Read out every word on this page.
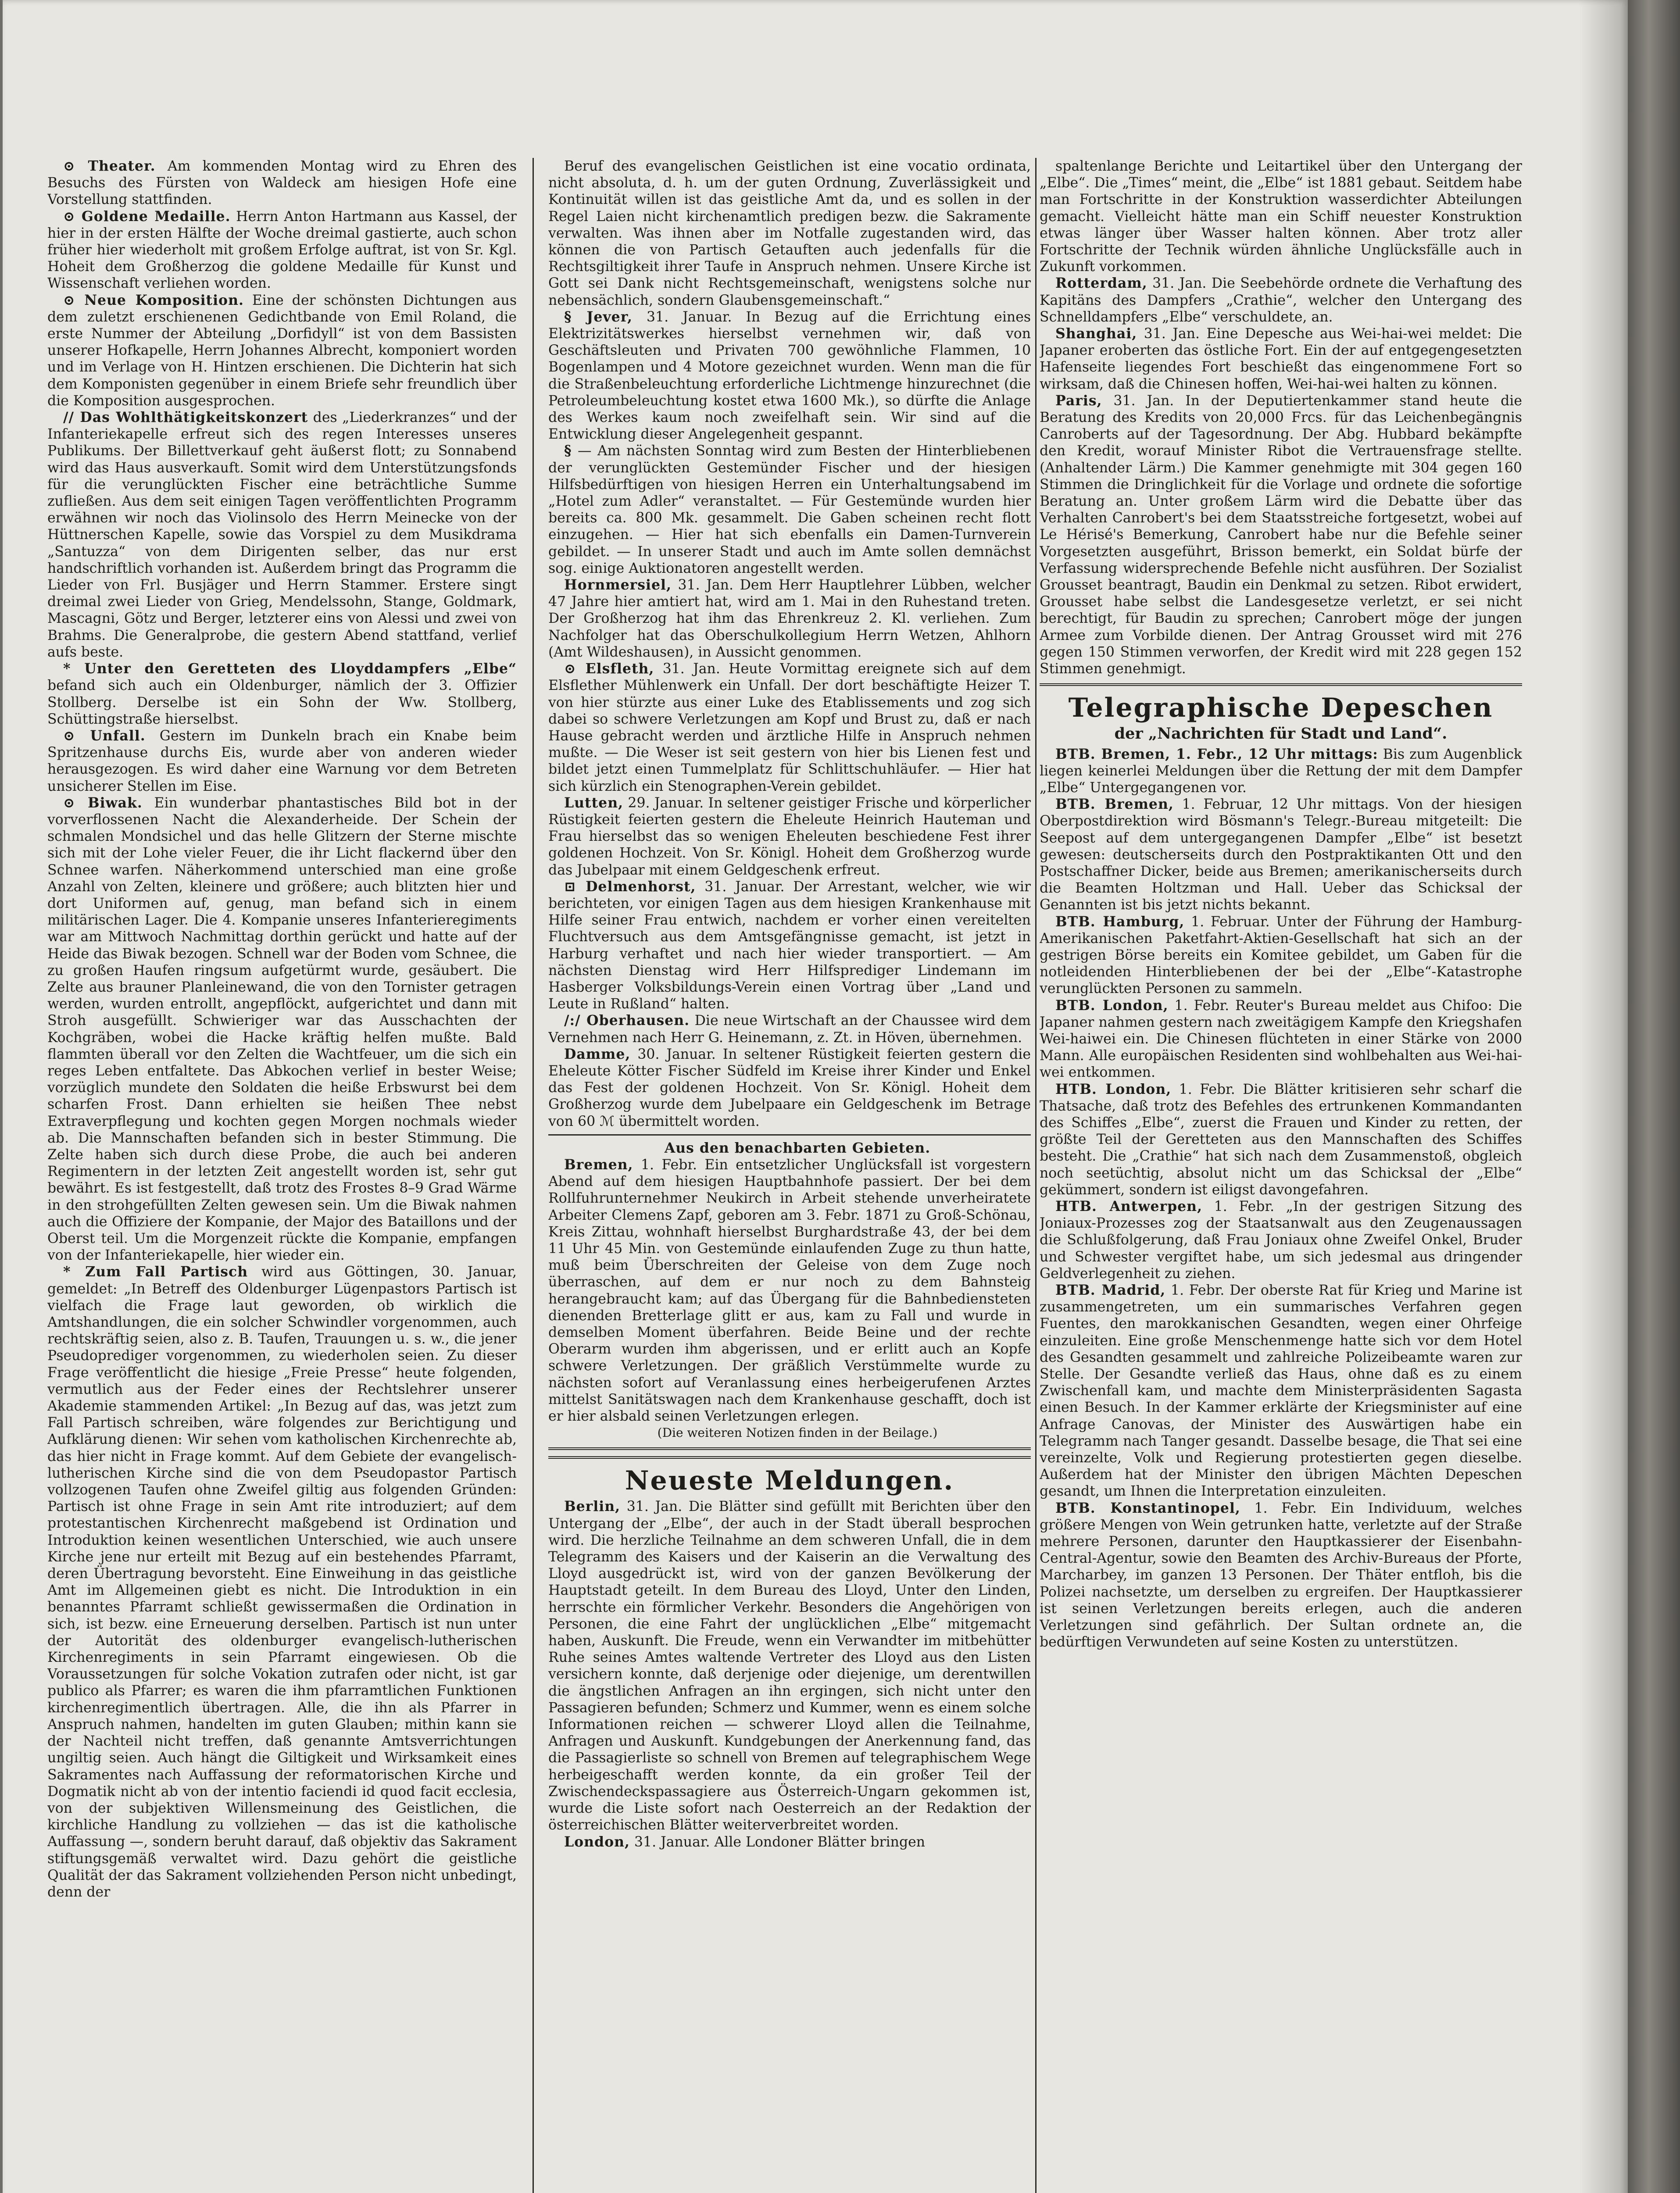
⊙ Theater. Am kommenden Montag wird zu Ehren des Besuchs des Fürsten von Waldeck am hiesigen Hofe eine Vorstellung stattfinden.

⊙ Goldene Medaille. Herrn Anton Hartmann aus Kassel, der hier in der ersten Hälfte der Woche dreimal gastierte, auch schon früher hier wiederholt mit großem Erfolge auftrat, ist von Sr. Kgl. Hoheit dem Großherzog die goldene Medaille für Kunst und Wissenschaft verliehen worden.

⊙ Neue Komposition. Eine der schönsten Dichtungen aus dem zuletzt erschienenen Gedichtbande von Emil Roland, die erste Nummer der Abteilung „Dorfidyll“ ist von dem Bassisten unserer Hofkapelle, Herrn Johannes Albrecht, komponiert worden und im Verlage von H. Hintzen erschienen. Die Dichterin hat sich dem Komponisten gegenüber in einem Briefe sehr freundlich über die Komposition ausgesprochen.

// Das Wohlthätigkeitskonzert des „Liederkranzes“ und der Infanteriekapelle erfreut sich des regen Interesses unseres Publikums. Der Billettverkauf geht äußerst flott; zu Sonnabend wird das Haus ausverkauft. Somit wird dem Unterstützungsfonds für die verunglückten Fischer eine beträchtliche Summe zufließen. Aus dem seit einigen Tagen veröffentlichten Programm erwähnen wir noch das Violinsolo des Herrn Meinecke von der Hüttnerschen Kapelle, sowie das Vorspiel zu dem Musikdrama „Santuzza“ von dem Dirigenten selber, das nur erst handschriftlich vorhanden ist. Außerdem bringt das Programm die Lieder von Frl. Busjäger und Herrn Stammer. Erstere singt dreimal zwei Lieder von Grieg, Mendelssohn, Stange, Goldmark, Mascagni, Götz und Berger, letzterer eins von Alessi und zwei von Brahms. Die Generalprobe, die gestern Abend stattfand, verlief aufs beste.

* Unter den Geretteten des Lloyddampfers „Elbe“ befand sich auch ein Oldenburger, nämlich der 3. Offizier Stollberg. Derselbe ist ein Sohn der Ww. Stollberg, Schüttingstraße hierselbst.

⊙ Unfall. Gestern im Dunkeln brach ein Knabe beim Spritzenhause durchs Eis, wurde aber von anderen wieder herausgezogen. Es wird daher eine Warnung vor dem Betreten unsicherer Stellen im Eise.

⊙ Biwak. Ein wunderbar phantastisches Bild bot in der vorverflossenen Nacht die Alexanderheide. Der Schein der schmalen Mondsichel und das helle Glitzern der Sterne mischte sich mit der Lohe vieler Feuer, die ihr Licht flackernd über den Schnee warfen. Näherkommend unterschied man eine große Anzahl von Zelten, kleinere und größere; auch blitzten hier und dort Uniformen auf, genug, man befand sich in einem militärischen Lager. Die 4. Kompanie unseres Infanterieregiments war am Mittwoch Nachmittag dorthin gerückt und hatte auf der Heide das Biwak bezogen. Schnell war der Boden vom Schnee, die zu großen Haufen ringsum aufgetürmt wurde, gesäubert. Die Zelte aus brauner Planleinewand, die von den Tornister getragen werden, wurden entrollt, angepflöckt, aufgerichtet und dann mit Stroh ausgefüllt. Schwieriger war das Ausschachten der Kochgräben, wobei die Hacke kräftig helfen mußte. Bald flammten überall vor den Zelten die Wachtfeuer, um die sich ein reges Leben entfaltete. Das Abkochen verlief in bester Weise; vorzüglich mundete den Soldaten die heiße Erbswurst bei dem scharfen Frost. Dann erhielten sie heißen Thee nebst Extraverpflegung und kochten gegen Morgen nochmals wieder ab. Die Mannschaften befanden sich in bester Stimmung. Die Zelte haben sich durch diese Probe, die auch bei anderen Regimentern in der letzten Zeit angestellt worden ist, sehr gut bewährt. Es ist festgestellt, daß trotz des Frostes 8–9 Grad Wärme in den strohgefüllten Zelten gewesen sein. Um die Biwak nahmen auch die Offiziere der Kompanie, der Major des Bataillons und der Oberst teil. Um die Morgenzeit rückte die Kompanie, empfangen von der Infanteriekapelle, hier wieder ein.

* Zum Fall Partisch wird aus Göttingen, 30. Januar, gemeldet: „In Betreff des Oldenburger Lügenpastors Partisch ist vielfach die Frage laut geworden, ob wirklich die Amtshandlungen, die ein solcher Schwindler vorgenommen, auch rechtskräftig seien, also z. B. Taufen, Trauungen u. s. w., die jener Pseudoprediger vorgenommen, zu wiederholen seien. Zu dieser Frage veröffentlicht die hiesige „Freie Presse“ heute folgenden, vermutlich aus der Feder eines der Rechtslehrer unserer Akademie stammenden Artikel: „In Bezug auf das, was jetzt zum Fall Partisch schreiben, wäre folgendes zur Berichtigung und Aufklärung dienen: Wir sehen vom katholischen Kirchenrechte ab, das hier nicht in Frage kommt. Auf dem Gebiete der evangelisch-lutherischen Kirche sind die von dem Pseudopastor Partisch vollzogenen Taufen ohne Zweifel giltig aus folgenden Gründen: Partisch ist ohne Frage in sein Amt rite introduziert; auf dem protestantischen Kirchenrecht maßgebend ist Ordination und Introduktion keinen wesentlichen Unterschied, wie auch unsere Kirche jene nur erteilt mit Bezug auf ein bestehendes Pfarramt, deren Übertragung bevorsteht. Eine Einweihung in das geistliche Amt im Allgemeinen giebt es nicht. Die Introduktion in ein benanntes Pfarramt schließt gewissermaßen die Ordination in sich, ist bezw. eine Erneuerung derselben. Partisch ist nun unter der Autorität des oldenburger evangelisch-lutherischen Kirchenregiments in sein Pfarramt eingewiesen. Ob die Voraussetzungen für solche Vokation zutrafen oder nicht, ist gar publico als Pfarrer; es waren die ihm pfarramtlichen Funktionen kirchenregimentlich übertragen. Alle, die ihn als Pfarrer in Anspruch nahmen, handelten im guten Glauben; mithin kann sie der Nachteil nicht treffen, daß genannte Amtsverrichtungen ungiltig seien. Auch hängt die Giltigkeit und Wirksamkeit eines Sakramentes nach Auffassung der reformatorischen Kirche und Dogmatik nicht ab von der intentio faciendi id quod facit ecclesia, von der subjektiven Willensmeinung des Geistlichen, die kirchliche Handlung zu vollziehen — das ist die katholische Auffassung —, sondern beruht darauf, daß objektiv das Sakrament stiftungsgemäß verwaltet wird. Dazu gehört die geistliche Qualität der das Sakrament vollziehenden Person nicht unbedingt, denn der

Beruf des evangelischen Geistlichen ist eine vocatio ordinata, nicht absoluta, d. h. um der guten Ordnung, Zuverlässigkeit und Kontinuität willen ist das geistliche Amt da, und es sollen in der Regel Laien nicht kirchenamtlich predigen bezw. die Sakramente verwalten. Was ihnen aber im Notfalle zugestanden wird, das können die von Partisch Getauften auch jedenfalls für die Rechtsgiltigkeit ihrer Taufe in Anspruch nehmen. Unsere Kirche ist Gott sei Dank nicht Rechtsgemeinschaft, wenigstens solche nur nebensächlich, sondern Glaubensgemeinschaft.“

§ Jever, 31. Januar. In Bezug auf die Errichtung eines Elektrizitätswerkes hierselbst vernehmen wir, daß von Geschäftsleuten und Privaten 700 gewöhnliche Flammen, 10 Bogenlampen und 4 Motore gezeichnet wurden. Wenn man die für die Straßenbeleuchtung erforderliche Lichtmenge hinzurechnet (die Petroleumbeleuchtung kostet etwa 1600 Mk.), so dürfte die Anlage des Werkes kaum noch zweifelhaft sein. Wir sind auf die Entwicklung dieser Angelegenheit gespannt.

§ — Am nächsten Sonntag wird zum Besten der Hinterbliebenen der verunglückten Gestemünder Fischer und der hiesigen Hilfsbedürftigen von hiesigen Herren ein Unterhaltungsabend im „Hotel zum Adler“ veranstaltet. — Für Gestemünde wurden hier bereits ca. 800 Mk. gesammelt. Die Gaben scheinen recht flott einzugehen. — Hier hat sich ebenfalls ein Damen-Turnverein gebildet. — In unserer Stadt und auch im Amte sollen demnächst sog. einige Auktionatoren angestellt werden.

Hornmersiel, 31. Jan. Dem Herr Hauptlehrer Lübben, welcher 47 Jahre hier amtiert hat, wird am 1. Mai in den Ruhestand treten. Der Großherzog hat ihm das Ehrenkreuz 2. Kl. verliehen. Zum Nachfolger hat das Oberschulkollegium Herrn Wetzen, Ahlhorn (Amt Wildeshausen), in Aussicht genommen.

⊙ Elsfleth, 31. Jan. Heute Vormittag ereignete sich auf dem Elsflether Mühlenwerk ein Unfall. Der dort beschäftigte Heizer T. von hier stürzte aus einer Luke des Etablissements und zog sich dabei so schwere Verletzungen am Kopf und Brust zu, daß er nach Hause gebracht werden und ärztliche Hilfe in Anspruch nehmen mußte. — Die Weser ist seit gestern von hier bis Lienen fest und bildet jetzt einen Tummelplatz für Schlittschuhläufer. — Hier hat sich kürzlich ein Stenographen-Verein gebildet.

Lutten, 29. Januar. In seltener geistiger Frische und körperlicher Rüstigkeit feierten gestern die Eheleute Heinrich Hauteman und Frau hierselbst das so wenigen Eheleuten beschiedene Fest ihrer goldenen Hochzeit. Von Sr. Königl. Hoheit dem Großherzog wurde das Jubelpaar mit einem Geldgeschenk erfreut.

⊡ Delmenhorst, 31. Januar. Der Arrestant, welcher, wie wir berichteten, vor einigen Tagen aus dem hiesigen Krankenhause mit Hilfe seiner Frau entwich, nachdem er vorher einen vereitelten Fluchtversuch aus dem Amtsgefängnisse gemacht, ist jetzt in Harburg verhaftet und nach hier wieder transportiert. — Am nächsten Dienstag wird Herr Hilfsprediger Lindemann im Hasberger Volksbildungs-Verein einen Vortrag über „Land und Leute in Rußland“ halten.

/:/ Oberhausen. Die neue Wirtschaft an der Chaussee wird dem Vernehmen nach Herr G. Heinemann, z. Zt. in Höven, übernehmen.

Damme, 30. Januar. In seltener Rüstigkeit feierten gestern die Eheleute Kötter Fischer Südfeld im Kreise ihrer Kinder und Enkel das Fest der goldenen Hochzeit. Von Sr. Königl. Hoheit dem Großherzog wurde dem Jubelpaare ein Geldgeschenk im Betrage von 60 ℳ übermittelt worden.

Aus den benachbarten Gebieten.

Bremen, 1. Febr. Ein entsetzlicher Unglücksfall ist vorgestern Abend auf dem hiesigen Hauptbahnhofe passiert. Der bei dem Rollfuhrunternehmer Neukirch in Arbeit stehende unverheiratete Arbeiter Clemens Zapf, geboren am 3. Febr. 1871 zu Groß-Schönau, Kreis Zittau, wohnhaft hierselbst Burghardstraße 43, der bei dem 11 Uhr 45 Min. von Gestemünde einlaufenden Zuge zu thun hatte, muß beim Überschreiten der Geleise von dem Zuge noch überraschen, auf dem er nur noch zu dem Bahnsteig herangebraucht kam; auf das Übergang für die Bahnbediensteten dienenden Bretterlage glitt er aus, kam zu Fall und wurde in demselben Moment überfahren. Beide Beine und der rechte Oberarm wurden ihm abgerissen, und er erlitt auch an Kopfe schwere Verletzungen. Der gräßlich Verstümmelte wurde zu nächsten sofort auf Veranlassung eines herbeigerufenen Arztes mittelst Sanitätswagen nach dem Krankenhause geschafft, doch ist er hier alsbald seinen Verletzungen erlegen.

(Die weiteren Notizen finden in der Beilage.)

Neueste Meldungen.

Berlin, 31. Jan. Die Blätter sind gefüllt mit Berichten über den Untergang der „Elbe“, der auch in der Stadt überall besprochen wird. Die herzliche Teilnahme an dem schweren Unfall, die in dem Telegramm des Kaisers und der Kaiserin an die Verwaltung des Lloyd ausgedrückt ist, wird von der ganzen Bevölkerung der Hauptstadt geteilt. In dem Bureau des Lloyd, Unter den Linden, herrschte ein förmlicher Verkehr. Besonders die Angehörigen von Personen, die eine Fahrt der unglücklichen „Elbe“ mitgemacht haben, Auskunft. Die Freude, wenn ein Verwandter im mitbehütter Ruhe seines Amtes waltende Vertreter des Lloyd aus den Listen versichern konnte, daß derjenige oder diejenige, um derentwillen die ängstlichen Anfragen an ihn ergingen, sich nicht unter den Passagieren befunden; Schmerz und Kummer, wenn es einem solche Informationen reichen — schwerer Lloyd allen die Teilnahme, Anfragen und Auskunft. Kundgebungen der Anerkennung fand, das die Passagierliste so schnell von Bremen auf telegraphischem Wege herbeigeschafft werden konnte, da ein großer Teil der Zwischendeckspassagiere aus Österreich-Ungarn gekommen ist, wurde die Liste sofort nach Oesterreich an der Redaktion der österreichischen Blätter weiterverbreitet worden.

London, 31. Januar. Alle Londoner Blätter bringen

spaltenlange Berichte und Leitartikel über den Untergang der „Elbe“. Die „Times“ meint, die „Elbe“ ist 1881 gebaut. Seitdem habe man Fortschritte in der Konstruktion wasserdichter Abteilungen gemacht. Vielleicht hätte man ein Schiff neuester Konstruktion etwas länger über Wasser halten können. Aber trotz aller Fortschritte der Technik würden ähnliche Unglücksfälle auch in Zukunft vorkommen.

Rotterdam, 31. Jan. Die Seebehörde ordnete die Verhaftung des Kapitäns des Dampfers „Crathie“, welcher den Untergang des Schnelldampfers „Elbe“ verschuldete, an.

Shanghai, 31. Jan. Eine Depesche aus Wei-hai-wei meldet: Die Japaner eroberten das östliche Fort. Ein der auf entgegengesetzten Hafenseite liegendes Fort beschießt das eingenommene Fort so wirksam, daß die Chinesen hoffen, Wei-hai-wei halten zu können.

Paris, 31. Jan. In der Deputiertenkammer stand heute die Beratung des Kredits von 20,000 Frcs. für das Leichenbegängnis Canroberts auf der Tagesordnung. Der Abg. Hubbard bekämpfte den Kredit, worauf Minister Ribot die Vertrauensfrage stellte. (Anhaltender Lärm.) Die Kammer genehmigte mit 304 gegen 160 Stimmen die Dringlichkeit für die Vorlage und ordnete die sofortige Beratung an. Unter großem Lärm wird die Debatte über das Verhalten Canrobert's bei dem Staatsstreiche fortgesetzt, wobei auf Le Hérisé's Bemerkung, Canrobert habe nur die Befehle seiner Vorgesetzten ausgeführt, Brisson bemerkt, ein Soldat bürfe der Verfassung widersprechende Befehle nicht ausführen. Der Sozialist Grousset beantragt, Baudin ein Denkmal zu setzen. Ribot erwidert, Grousset habe selbst die Landesgesetze verletzt, er sei nicht berechtigt, für Baudin zu sprechen; Canrobert möge der jungen Armee zum Vorbilde dienen. Der Antrag Grousset wird mit 276 gegen 150 Stimmen verworfen, der Kredit wird mit 228 gegen 152 Stimmen genehmigt.

Telegraphische Depeschen
der „Nachrichten für Stadt und Land“.

BTB. Bremen, 1. Febr., 12 Uhr mittags: Bis zum Augenblick liegen keinerlei Meldungen über die Rettung der mit dem Dampfer „Elbe“ Untergegangenen vor.

BTB. Bremen, 1. Februar, 12 Uhr mittags. Von der hiesigen Oberpostdirektion wird Bösmann's Telegr.-Bureau mitgeteilt: Die Seepost auf dem untergegangenen Dampfer „Elbe“ ist besetzt gewesen: deutscherseits durch den Postpraktikanten Ott und den Postschaffner Dicker, beide aus Bremen; amerikanischerseits durch die Beamten Holtzman und Hall. Ueber das Schicksal der Genannten ist bis jetzt nichts bekannt.

BTB. Hamburg, 1. Februar. Unter der Führung der Hamburg-Amerikanischen Paketfahrt-Aktien-Gesellschaft hat sich an der gestrigen Börse bereits ein Komitee gebildet, um Gaben für die notleidenden Hinterbliebenen der bei der „Elbe“-Katastrophe verunglückten Personen zu sammeln.

BTB. London, 1. Febr. Reuter's Bureau meldet aus Chifoo: Die Japaner nahmen gestern nach zweitägigem Kampfe den Kriegshafen Wei-haiwei ein. Die Chinesen flüchteten in einer Stärke von 2000 Mann. Alle europäischen Residenten sind wohlbehalten aus Wei-hai-wei entkommen.

HTB. London, 1. Febr. Die Blätter kritisieren sehr scharf die Thatsache, daß trotz des Befehles des ertrunkenen Kommandanten des Schiffes „Elbe“, zuerst die Frauen und Kinder zu retten, der größte Teil der Geretteten aus den Mannschaften des Schiffes besteht. Die „Crathie“ hat sich nach dem Zusammenstoß, obgleich noch seetüchtig, absolut nicht um das Schicksal der „Elbe“ gekümmert, sondern ist eiligst davongefahren.

HTB. Antwerpen, 1. Febr. „In der gestrigen Sitzung des Joniaux-Prozesses zog der Staatsanwalt aus den Zeugenaussagen die Schlußfolgerung, daß Frau Joniaux ohne Zweifel Onkel, Bruder und Schwester vergiftet habe, um sich jedesmal aus dringender Geldverlegenheit zu ziehen.

BTB. Madrid, 1. Febr. Der oberste Rat für Krieg und Marine ist zusammengetreten, um ein summarisches Verfahren gegen Fuentes, den marokkanischen Gesandten, wegen einer Ohrfeige einzuleiten. Eine große Menschenmenge hatte sich vor dem Hotel des Gesandten gesammelt und zahlreiche Polizeibeamte waren zur Stelle. Der Gesandte verließ das Haus, ohne daß es zu einem Zwischenfall kam, und machte dem Ministerpräsidenten Sagasta einen Besuch. In der Kammer erklärte der Kriegsminister auf eine Anfrage Canovas, der Minister des Auswärtigen habe ein Telegramm nach Tanger gesandt. Dasselbe besage, die That sei eine vereinzelte, Volk und Regierung protestierten gegen dieselbe. Außerdem hat der Minister den übrigen Mächten Depeschen gesandt, um Ihnen die Interpretation einzuleiten.

BTB. Konstantinopel, 1. Febr. Ein Individuum, welches größere Mengen von Wein getrunken hatte, verletzte auf der Straße mehrere Personen, darunter den Hauptkassierer der Eisenbahn-Central-Agentur, sowie den Beamten des Archiv-Bureaus der Pforte, Marcharbey, im ganzen 13 Personen. Der Thäter entfloh, bis die Polizei nachsetzte, um derselben zu ergreifen. Der Hauptkassierer ist seinen Verletzungen bereits erlegen, auch die anderen Verletzungen sind gefährlich. Der Sultan ordnete an, die bedürftigen Verwundeten auf seine Kosten zu unterstützen.
